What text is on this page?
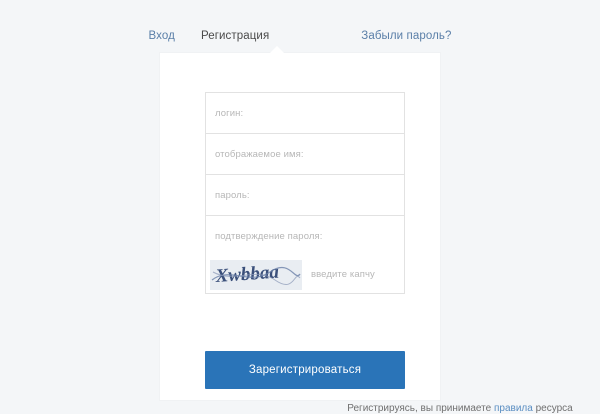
Вход Регистрация	Забыли пароль?
логин:
отображаемое имя:
пароль:
подтверждение пароля:
Xwbbaa	введите капчу
Зарегистрироваться
Регистрируясь, вы принимаете правила ресурса
